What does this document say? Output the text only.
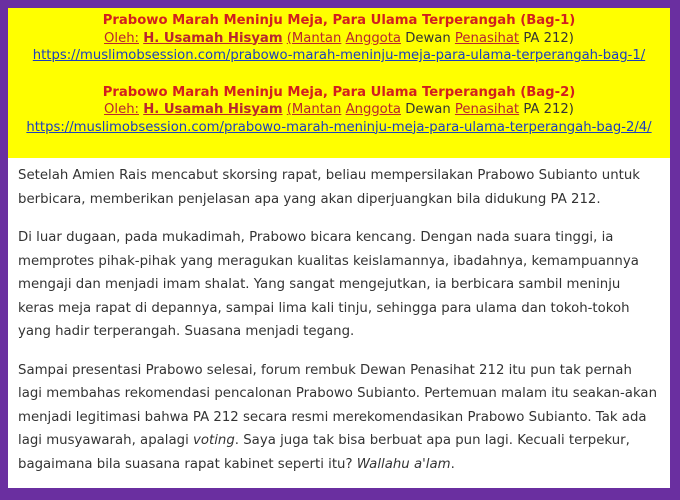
Prabowo Marah Meninju Meja, Para Ulama Terperangah (Bag-1)
Oleh: H. Usamah Hisyam (Mantan Anggota Dewan Penasihat PA 212)
https://muslimobsession.com/prabowo-marah-meninju-meja-para-ulama-terperangah-bag-1/
Prabowo Marah Meninju Meja, Para Ulama Terperangah (Bag-2)
Oleh: H. Usamah Hisyam (Mantan Anggota Dewan Penasihat PA 212)
https://muslimobsession.com/prabowo-marah-meninju-meja-para-ulama-terperangah-bag-2/4/

Setelah Amien Rais mencabut skorsing rapat, beliau mempersilakan Prabowo Subianto untuk berbicara, memberikan penjelasan apa yang akan diperjuangkan bila didukung PA 212.

Di luar dugaan, pada mukadimah, Prabowo bicara kencang. Dengan nada suara tinggi, ia memprotes pihak-pihak yang meragukan kualitas keislamannya, ibadahnya, kemampuannya mengaji dan menjadi imam shalat. Yang sangat mengejutkan, ia berbicara sambil meninju keras meja rapat di depannya, sampai lima kali tinju, sehingga para ulama dan tokoh-tokoh yang hadir terperangah. Suasana menjadi tegang.

Sampai presentasi Prabowo selesai, forum rembuk Dewan Penasihat 212 itu pun tak pernah lagi membahas rekomendasi pencalonan Prabowo Subianto. Pertemuan malam itu seakan-akan menjadi legitimasi bahwa PA 212 secara resmi merekomendasikan Prabowo Subianto. Tak ada lagi musyawarah, apalagi voting. Saya juga tak bisa berbuat apa pun lagi. Kecuali terpekur, bagaimana bila suasana rapat kabinet seperti itu? Wallahu a'lam.
